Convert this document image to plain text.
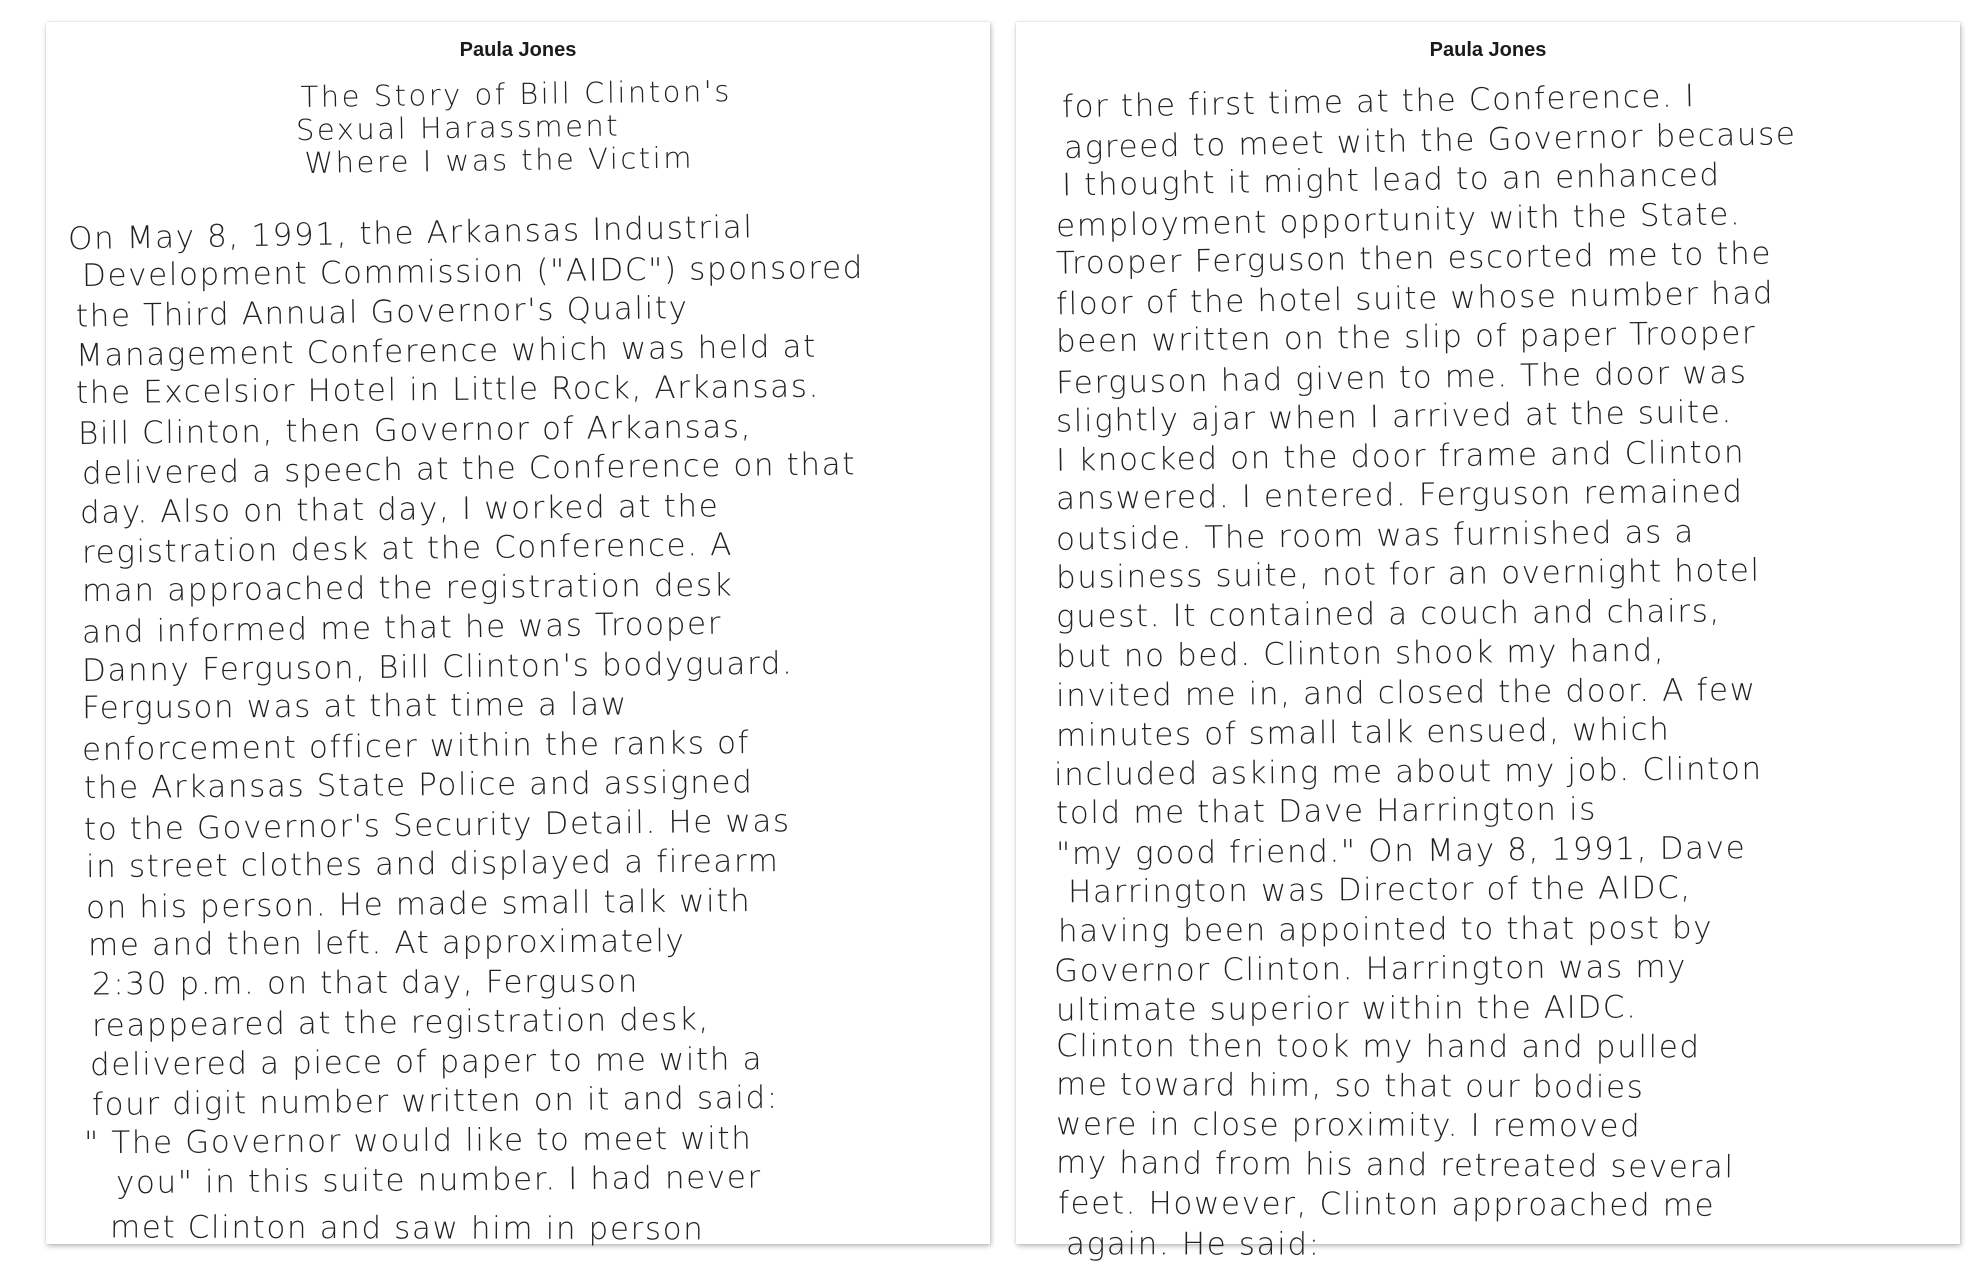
Paula Jones
The Story of Bill Clinton's
Sexual Harassment
Where I was the Victim
On May 8, 1991, the Arkansas Industrial
Development Commission ("AIDC") sponsored
the Third Annual Governor's Quality
Management Conference which was held at
the Excelsior Hotel in Little Rock, Arkansas.
Bill Clinton, then Governor of Arkansas,
delivered a speech at the Conference on that
day. Also on that day, I worked at the
registration desk at the Conference. A
man approached the registration desk
and informed me that he was Trooper
Danny Ferguson, Bill Clinton's bodyguard.
Ferguson was at that time a law
enforcement officer within the ranks of
the Arkansas State Police and assigned
to the Governor's Security Detail. He was
in street clothes and displayed a firearm
on his person. He made small talk with
me and then left. At approximately
2:30 p.m. on that day, Ferguson
reappeared at the registration desk,
delivered a piece of paper to me with a
four digit number written on it and said:
" The Governor would like to meet with
you" in this suite number. I had never
met Clinton and saw him in person
Paula Jones
for the first time at the Conference. I
agreed to meet with the Governor because
I thought it might lead to an enhanced
employment opportunity with the State.
Trooper Ferguson then escorted me to the
floor of the hotel suite whose number had
been written on the slip of paper Trooper
Ferguson had given to me. The door was
slightly ajar when I arrived at the suite.
I knocked on the door frame and Clinton
answered. I entered. Ferguson remained
outside. The room was furnished as a
business suite, not for an overnight hotel
guest. It contained a couch and chairs,
but no bed. Clinton shook my hand,
invited me in, and closed the door. A few
minutes of small talk ensued, which
included asking me about my job. Clinton
told me that Dave Harrington is
"my good friend." On May 8, 1991, Dave
Harrington was Director of the AIDC,
having been appointed to that post by
Governor Clinton. Harrington was my
ultimate superior within the AIDC.
Clinton then took my hand and pulled
me toward him, so that our bodies
were in close proximity. I removed
my hand from his and retreated several
feet. However, Clinton approached me
again. He said:
